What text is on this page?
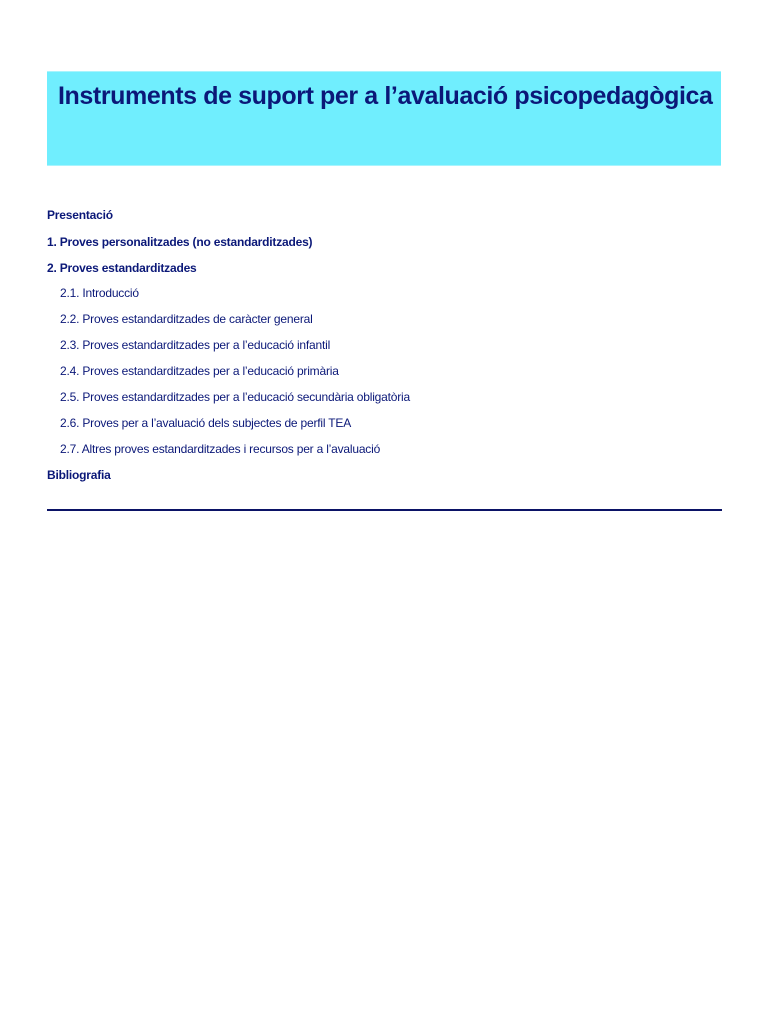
Instruments de suport per a l’avaluació psicopedagògica
Presentació
1. Proves personalitzades (no estandarditzades)
2. Proves estandarditzades
2.1. Introducció
2.2. Proves estandarditzades de caràcter general
2.3. Proves estandarditzades per a l’educació infantil
2.4. Proves estandarditzades per a l’educació primària
2.5. Proves estandarditzades per a l’educació secundària obligatòria
2.6. Proves per a l’avaluació dels subjectes de perfil TEA
2.7. Altres proves estandarditzades i recursos per a l’avaluació
Bibliografia
